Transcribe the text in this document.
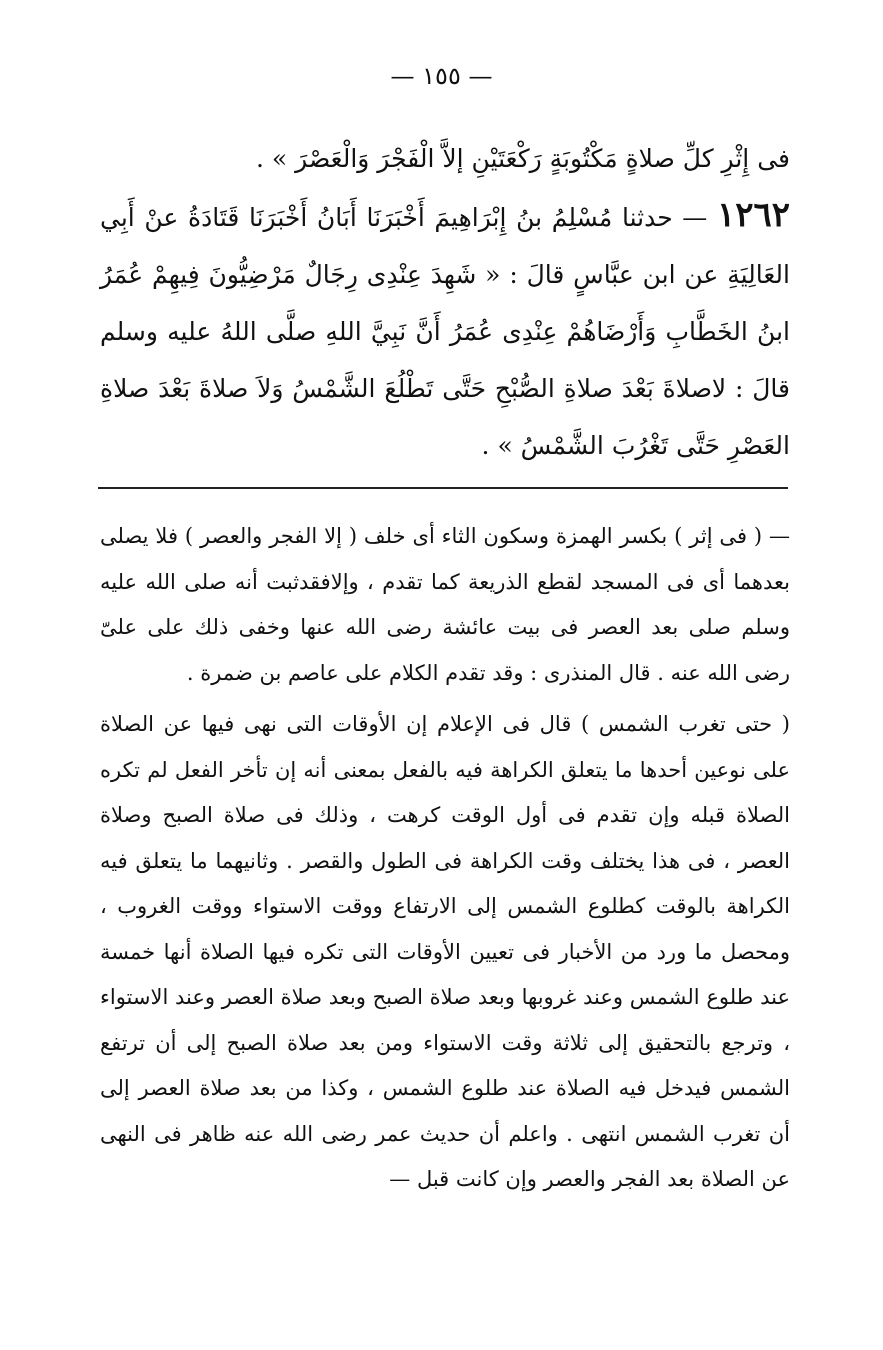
— ١٥٥ —

فى إِثْرِ كلِّ صلاةٍ مَكْتُوبَةٍ رَكْعَتَيْنِ إلاَّ الْفَجْرَ وَالْعَصْرَ » .

١٢٦٢ — حدثنا مُسْلِمُ بنُ إِبْرَاهِيمَ أَخْبَرَنَا أَبَانُ أَخْبَرَنَا قَتَادَةُ عنْ أَبِي العَالِيَةِ عن ابن عبَّاسٍ قالَ : « شَهِدَ عِنْدِى رِجَالٌ مَرْضِيُّونَ فِيهِمْ عُمَرُ ابنُ الخَطَّابِ وَأَرْضَاهُمْ عِنْدِى عُمَرُ أَنَّ نَبِيَّ اللهِ صلَّى اللهُ عليه وسلم قالَ : لاصلاةَ بَعْدَ صلاةِ الصُّبْحِ حَتَّى تَطْلُعَ الشَّمْسُ وَلاَ صلاةَ بَعْدَ صلاةِ العَصْرِ حَتَّى تَغْرُبَ الشَّمْسُ » .

— ( فى إثر ) بكسر الهمزة وسكون الثاء أى خلف ( إلا الفجر والعصر ) فلا يصلى بعدهما أى فى المسجد لقطع الذريعة كما تقدم ، وإلافقدثبت أنه صلى الله عليه وسلم صلى بعد العصر فى بيت عائشة رضى الله عنها وخفى ذلك على علىّ رضى الله عنه . قال المنذرى : وقد تقدم الكلام على عاصم بن ضمرة .

( حتى تغرب الشمس ) قال فى الإعلام إن الأوقات التى نهى فيها عن الصلاة على نوعين أحدها ما يتعلق الكراهة فيه بالفعل بمعنى أنه إن تأخر الفعل لم تكره الصلاة قبله وإن تقدم فى أول الوقت كرهت ، وذلك فى صلاة الصبح وصلاة العصر ، فى هذا يختلف وقت الكراهة فى الطول والقصر . وثانيهما ما يتعلق فيه الكراهة بالوقت كطلوع الشمس إلى الارتفاع ووقت الاستواء ووقت الغروب ، ومحصل ما ورد من الأخبار فى تعيين الأوقات التى تكره فيها الصلاة أنها خمسة عند طلوع الشمس وعند غروبها وبعد صلاة الصبح وبعد صلاة العصر وعند الاستواء ، وترجع بالتحقيق إلى ثلاثة وقت الاستواء ومن بعد صلاة الصبح إلى أن ترتفع الشمس فيدخل فيه الصلاة عند طلوع الشمس ، وكذا من بعد صلاة العصر إلى أن تغرب الشمس انتهى . واعلم أن حديث عمر رضى الله عنه ظاهر فى النهى عن الصلاة بعد الفجر والعصر وإن كانت قبل —
